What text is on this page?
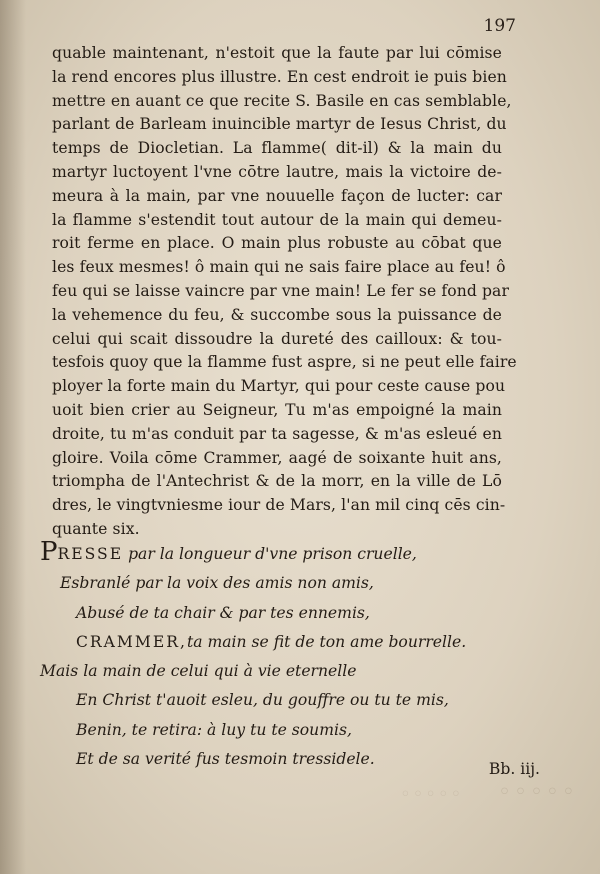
197
quable maintenant, n'estoit que la faute par lui cōmise
la rend encores plus illustre. En cest endroit ie puis bien
mettre en auant ce que recite S. Basile en cas semblable,
parlant de Barleam inuincible martyr de Iesus Christ, du
temps de Diocletian. La flamme( dit-il) & la main du
martyr luctoyent l'vne cōtre lautre, mais la victoire de-
meura à la main, par vne nouuelle façon de lucter: car
la flamme s'estendit tout autour de la main qui demeu-
roit ferme en place. O main plus robuste au cōbat que
les feux mesmes! ô main qui ne sais faire place au feu! ô
feu qui se laisse vaincre par vne main! Le fer se fond par
la vehemence du feu, & succombe sous la puissance de
celui qui scait dissoudre la dureté des cailloux: & tou-
tesfois quoy que la flamme fust aspre, si ne peut elle faire
ployer la forte main du Martyr, qui pour ceste cause pou
uoit bien crier au Seigneur, Tu m'as empoigné la main
droite, tu m'as conduit par ta sagesse, & m'as esleué en
gloire. Voila cōme Crammer, aagé de soixante huit ans,
triompha de l'Antechrist & de la morr, en la ville de Lō
dres, le vingtvniesme iour de Mars, l'an mil cinq cēs cin-
quante six.
PRESSE par la longueur d'vne prison cruelle,
Esbranlé par la voix des amis non amis,
Abusé de ta chair & par tes ennemis,
CRAMMER,ta main se fit de ton ame bourrelle.
Mais la main de celui qui à vie eternelle
En Christ t'auoit esleu, du gouffre ou tu te mis,
Benin, te retira: à luy tu te soumis,
Et de sa verité fus tesmoin tressidele.
Bb. iij.
◦◦◦◦◦
◦◦◦◦◦
